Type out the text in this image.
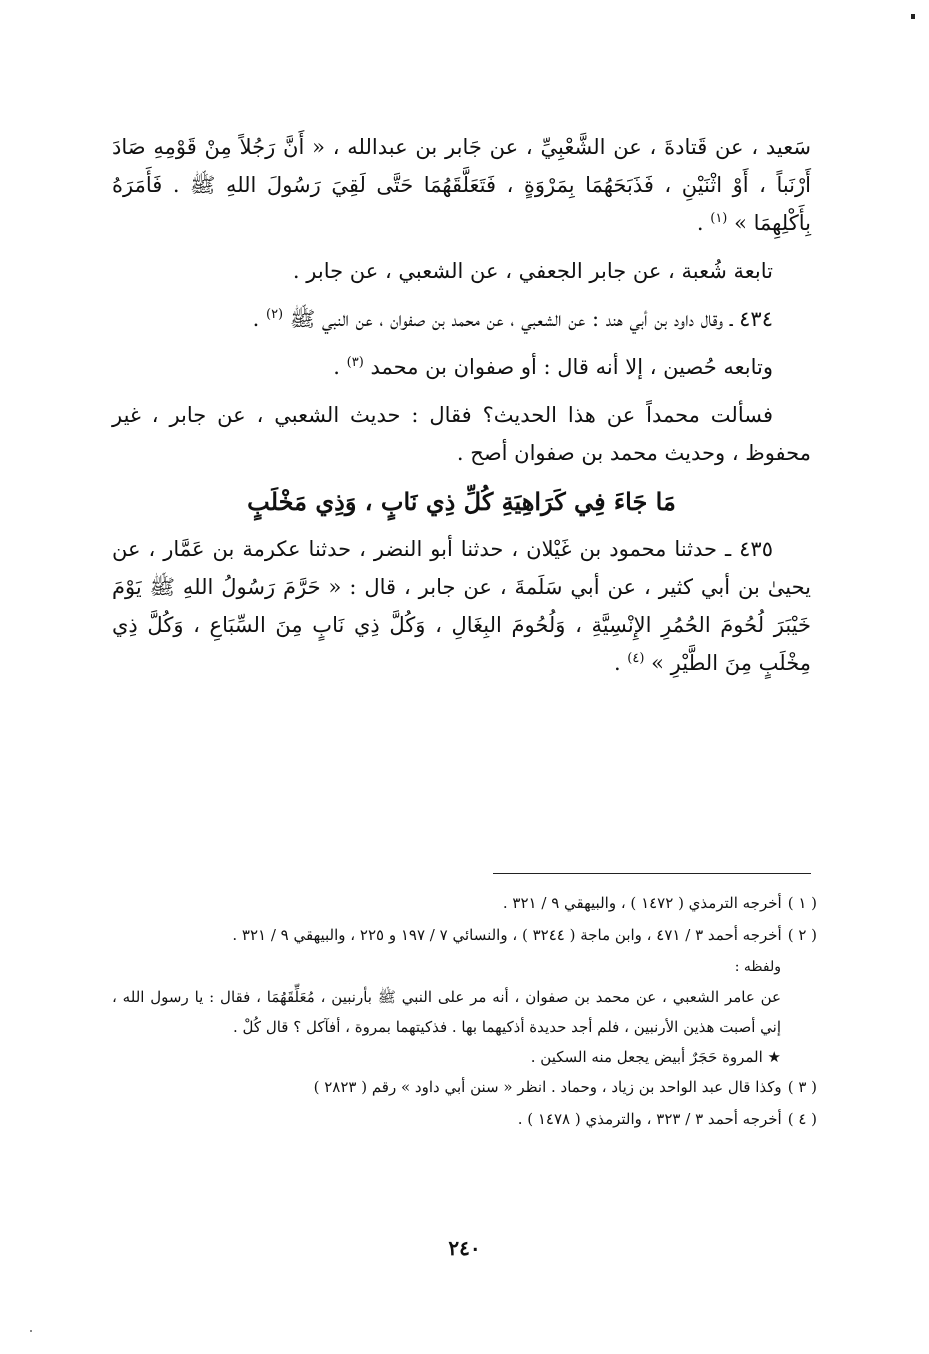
سَعيد ، عن قَتادةَ ، عن الشَّعْبِيِّ ، عن جَابر بن عبدالله ، « أَنَّ رَجُلاً مِنْ قَوْمِهِ صَادَ أَرْنَباً ، أَوْ اثْنَيْنِ ، فَذَبَحَهُمَا بِمَرْوَةٍ ، فَتَعَلَّقَهُمَا حَتَّى لَقِيَ رَسُولَ اللهِ ﷺ . فَأَمَرَهُ بِأَكْلِهِمَا » $^{(١)}$ .

تابعة شُعبة ، عن جابر الجعفي ، عن الشعبي ، عن جابر .

٤٣٤ ـ وقال داود بن أبي هند : عن الشعبي ، عن محمد بن صفوان ، عن النبي ﷺ $^{(٢)}$ .

وتابعه حُصين ، إلا أنه قال : أو صفوان بن محمد $^{(٣)}$ .

فسألت محمداً عن هذا الحديث؟ فقال : حديث الشعبي ، عن جابر ، غير محفوظ ، وحديث محمد بن صفوان أصح .

مَا جَاءَ فِي كَرَاهِيَةِ كُلِّ ذِي نَابٍ ، وَذِي مَخْلَبٍ

٤٣٥ ـ حدثنا محمود بن غَيْلان ، حدثنا أبو النضر ، حدثنا عكرمة بن عَمَّار ، عن يحيىٰ بن أبي كثير ، عن أبي سَلَمةَ ، عن جابر ، قال : « حَرَّمَ رَسُولُ اللهِ ﷺ يَوْمَ خَيْبَرَ لُحُومَ الحُمُرِ الإِنْسِيَّةِ ، وَلُحُومَ البِغَالِ ، وَكُلَّ ذِي نَابٍ مِنَ السِّبَاعِ ، وَكُلَّ ذِي مِخْلَبٍ مِنَ الطَّيْرِ » $^{(٤)}$ .

( ١ )
أخرجه الترمذي ( ١٤٧٢ ) ، والبيهقي ٩ / ٣٢١ .
( ٢ )
أخرجه أحمد ٣ / ٤٧١ ، وابن ماجة ( ٣٢٤٤ ) ، والنسائي ٧ / ١٩٧ و ٢٢٥ ، والبيهقي ٩ / ٣٢١ .
ولفظه :
عن عامر الشعبي ، عن محمد بن صفوان ، أنه مر على النبي ﷺ بأرنبين ، مُعَلِّقَهُمَا ، فقال : يا رسول الله ، إني أصبت هذين الأرنبين ، فلم أجد حديدة أذكيهما بها . فذكيتهما بمروة ، أفآكل ؟ قال كُلْ .
★ المروة حَجَرٌ أبيض يجعل منه السكين .
( ٣ )
وكذا قال عبد الواحد بن زياد ، وحماد . انظر « سنن أبي داود » رقم ( ٢٨٢٣ )
( ٤ )
أخرجه أحمد ٣ / ٣٢٣ ، والترمذي ( ١٤٧٨ ) .
٢٤٠
